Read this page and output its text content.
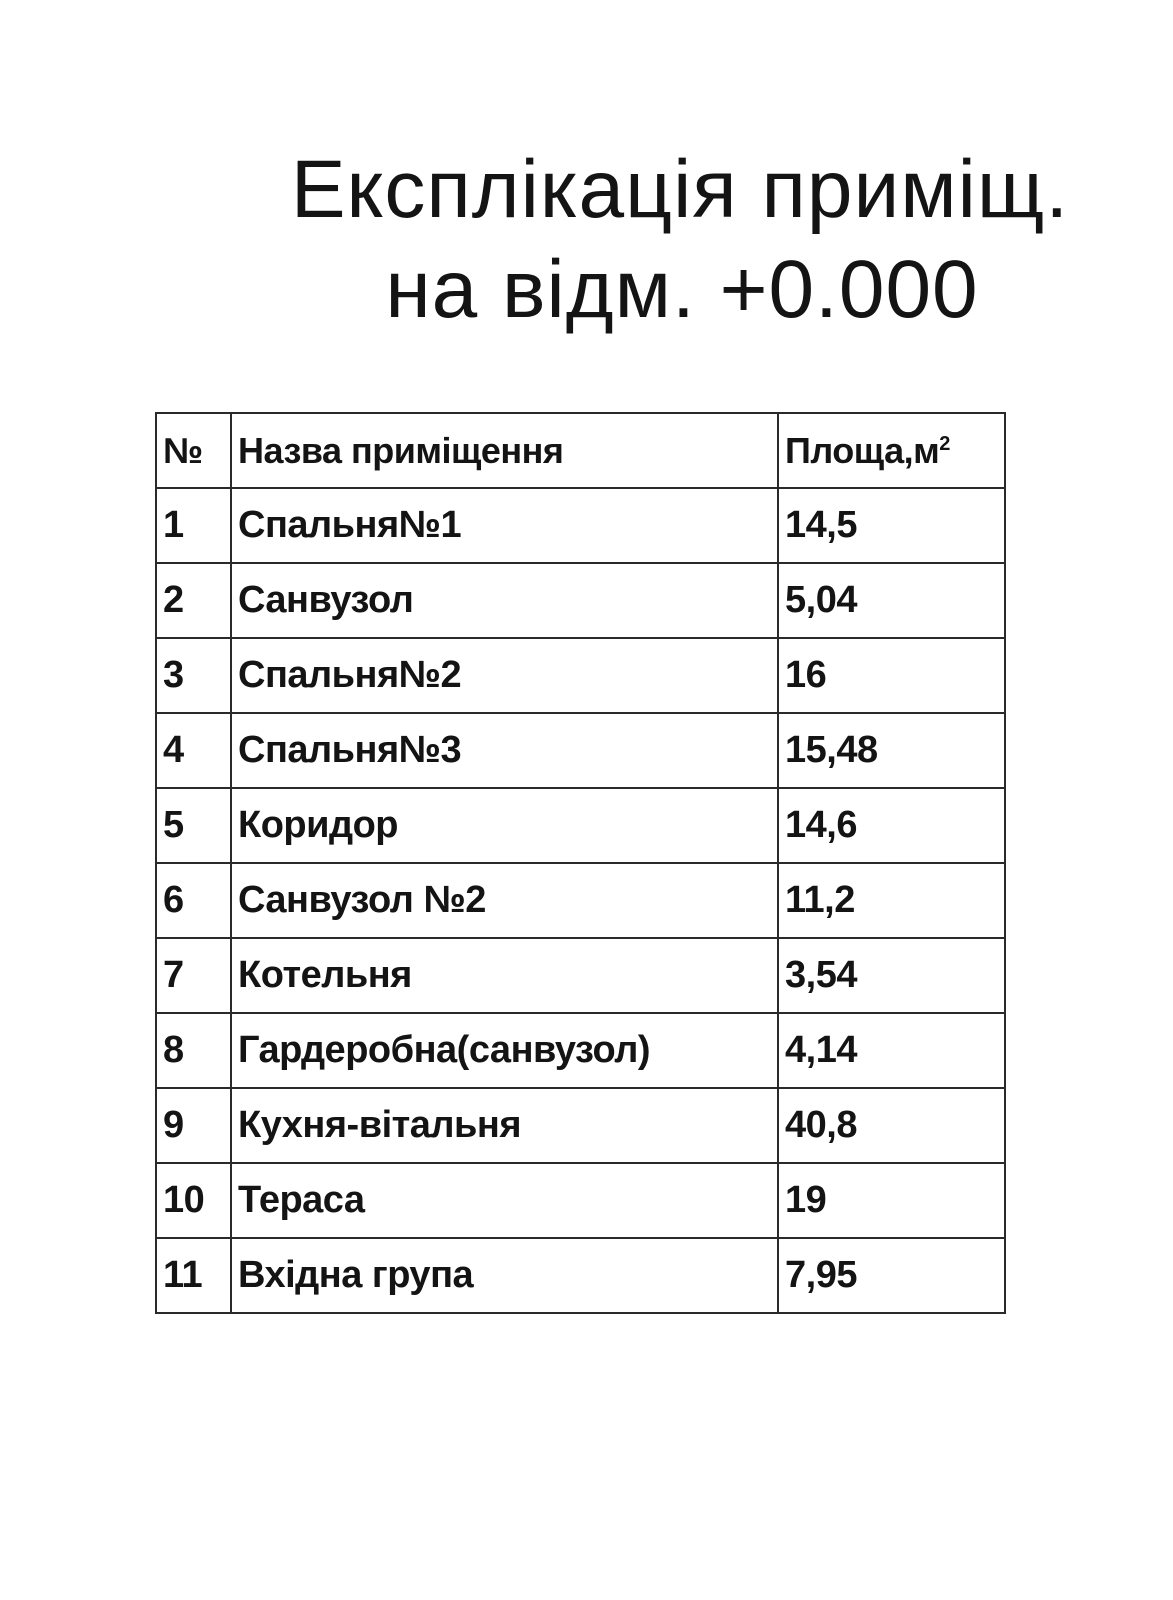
Експлікація приміщ.
на відм. +0.000
№	Назва приміщення	$Площа,м^2$
1	Спальня№1	14,5
2	Санвузол	5,04
3	Спальня№2	16
4	Спальня№3	15,48
5	Коридор	14,6
6	Санвузол №2	11,2
7	Котельня	3,54
8	Гардеробна(санвузол)	4,14
9	Кухня-вітальня	40,8
10	Тераса	19
11	Вхідна група	7,95
